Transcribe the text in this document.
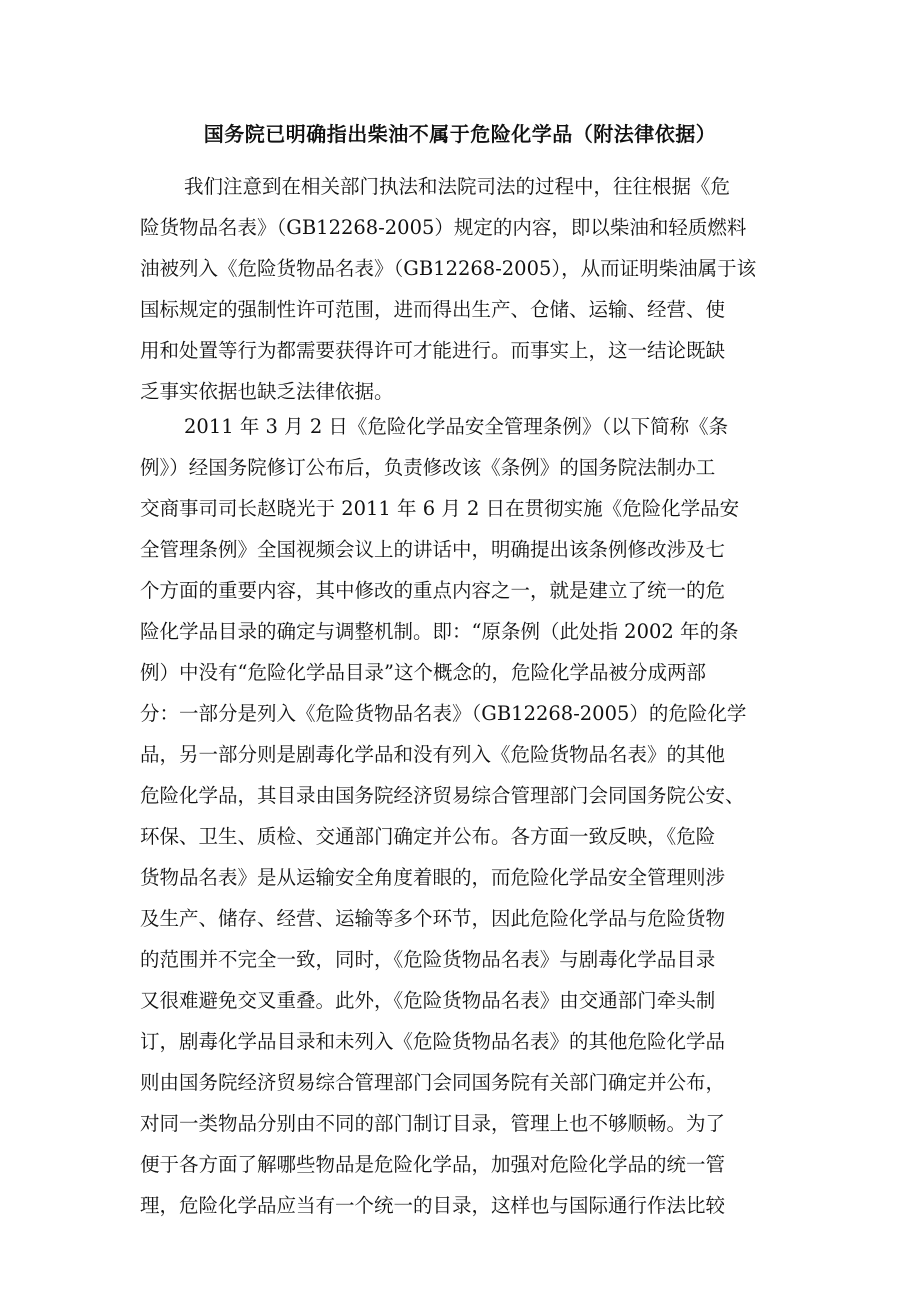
国务院已明确指出柴油不属于危险化学品（附法律依据）
我们注意到在相关部门执法和法院司法的过程中，往往根据《危
险货物品名表》（GB12268-2005）规定的内容，即以柴油和轻质燃料
油被列入《危险货物品名表》（GB12268-2005），从而证明柴油属于该
国标规定的强制性许可范围，进而得出生产、仓储、运输、经营、使
用和处置等行为都需要获得许可才能进行。而事实上，这一结论既缺
乏事实依据也缺乏法律依据。
2011 年 3 月 2 日《危险化学品安全管理条例》（以下简称《条
例》）经国务院修订公布后，负责修改该《条例》的国务院法制办工
交商事司司长赵晓光于 2011 年 6 月 2 日在贯彻实施《危险化学品安
全管理条例》全国视频会议上的讲话中，明确提出该条例修改涉及七
个方面的重要内容，其中修改的重点内容之一，就是建立了统一的危
险化学品目录的确定与调整机制。即：“原条例（此处指 2002 年的条
例）中没有“危险化学品目录”这个概念的，危险化学品被分成两部
分：一部分是列入《危险货物品名表》（GB12268-2005）的危险化学
品，另一部分则是剧毒化学品和没有列入《危险货物品名表》的其他
危险化学品，其目录由国务院经济贸易综合管理部门会同国务院公安、
环保、卫生、质检、交通部门确定并公布。各方面一致反映，《危险
货物品名表》是从运输安全角度着眼的，而危险化学品安全管理则涉
及生产、储存、经营、运输等多个环节，因此危险化学品与危险货物
的范围并不完全一致，同时，《危险货物品名表》与剧毒化学品目录
又很难避免交叉重叠。此外，《危险货物品名表》由交通部门牵头制
订，剧毒化学品目录和未列入《危险货物品名表》的其他危险化学品
则由国务院经济贸易综合管理部门会同国务院有关部门确定并公布，
对同一类物品分别由不同的部门制订目录，管理上也不够顺畅。为了
便于各方面了解哪些物品是危险化学品，加强对危险化学品的统一管
理，危险化学品应当有一个统一的目录，这样也与国际通行作法比较
